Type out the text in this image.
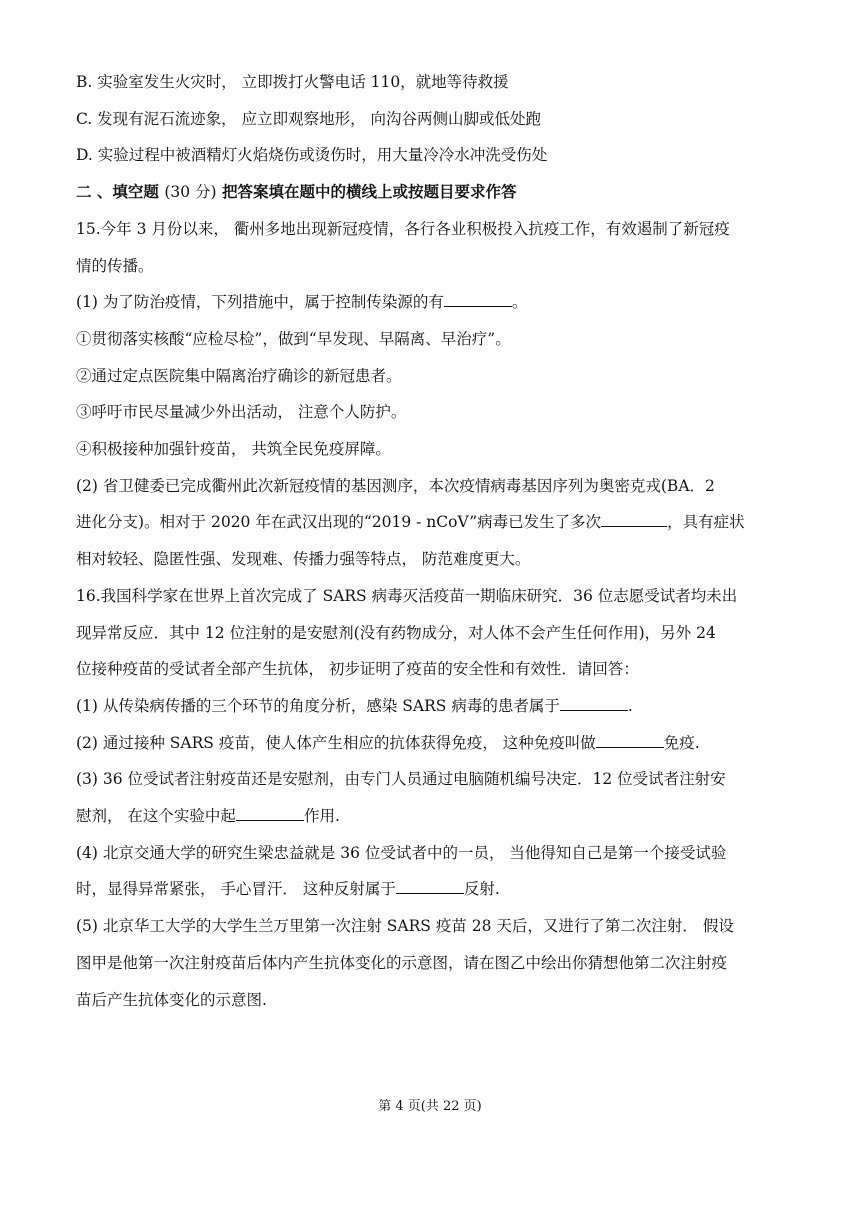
B. 实验室发生火灾时， 立即拨打火警电话 110，就地等待救援

C. 发现有泥石流迹象， 应立即观察地形， 向沟谷两侧山脚或低处跑

D. 实验过程中被酒精灯火焰烧伤或烫伤时，用大量冷冷水冲洗受伤处

二 、填空题 (30 分) 把答案填在题中的横线上或按题目要求作答

15.今年 3 月份以来， 衢州多地出现新冠疫情，各行各业积极投入抗疫工作，有效遏制了新冠疫

情的传播。

(1) 为了防治疫情，下列措施中，属于控制传染源的有	。

①贯彻落实核酸“应检尽检”，做到“早发现、早隔离、早治疗”。

②通过定点医院集中隔离治疗确诊的新冠患者。

③呼吁市民尽量减少外出活动， 注意个人防护。

④积极接种加强针疫苗， 共筑全民免疫屏障。

(2) 省卫健委已完成衢州此次新冠疫情的基因测序，本次疫情病毒基因序列为奥密克戎(BA．2

进化分支)。相对于 2020 年在武汉出现的“2019 - nCoV”病毒已发生了多次	，具有症状

相对较轻、隐匿性强、发现难、传播力强等特点， 防范难度更大。

16.我国科学家在世界上首次完成了 SARS 病毒灭活疫苗一期临床研究．36 位志愿受试者均未出

现异常反应．其中 12 位注射的是安慰剂(没有药物成分，对人体不会产生任何作用)，另外 24

位接种疫苗的受试者全部产生抗体， 初步证明了疫苗的安全性和有效性．请回答：

(1) 从传染病传播的三个环节的角度分析，感染 SARS 病毒的患者属于	.

(2) 通过接种 SARS 疫苗，使人体产生相应的抗体获得免疫， 这种免疫叫做	免疫.

(3) 36 位受试者注射疫苗还是安慰剂，由专门人员通过电脑随机编号决定．12 位受试者注射安

慰剂， 在这个实验中起	作用.

(4) 北京交通大学的研究生梁忠益就是 36 位受试者中的一员， 当他得知自己是第一个接受试验

时，显得异常紧张， 手心冒汗． 这种反射属于	反射.

(5) 北京华工大学的大学生兰万里第一次注射 SARS 疫苗 28 天后，又进行了第二次注射． 假设

图甲是他第一次注射疫苗后体内产生抗体变化的示意图，请在图乙中绘出你猜想他第二次注射疫

苗后产生抗体变化的示意图.

第 4 页(共 22 页)
